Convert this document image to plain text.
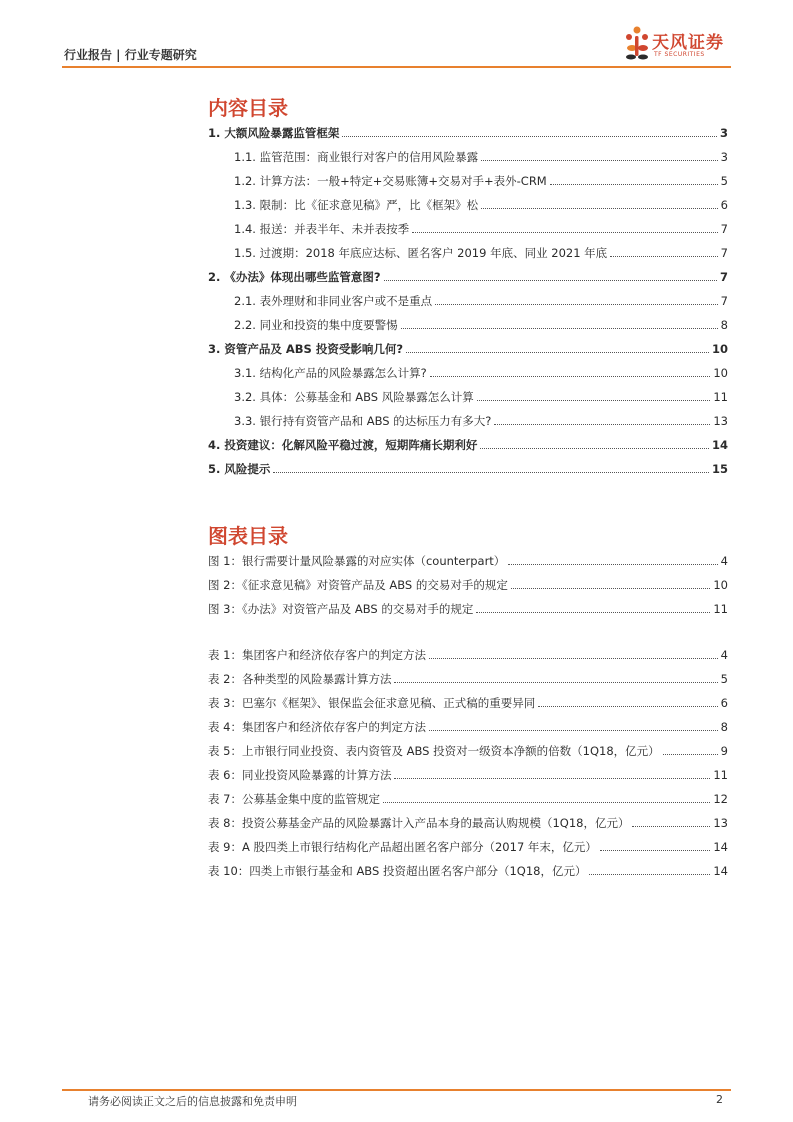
行业报告 | 行业专题研究
天风证券
TF SECURITIES
内容目录
1. 大额风险暴露监管框架	3
1.1. 监管范围：商业银行对客户的信用风险暴露	3
1.2. 计算方法：一般+特定+交易账簿+交易对手+表外-CRM	5
1.3. 限制：比《征求意见稿》严，比《框架》松	6
1.4. 报送：并表半年、未并表按季	7
1.5. 过渡期：2018 年底应达标、匿名客户 2019 年底、同业 2021 年底	7
2. 《办法》体现出哪些监管意图?	7
2.1. 表外理财和非同业客户或不是重点	7
2.2. 同业和投资的集中度要警惕	8
3. 资管产品及 ABS 投资受影响几何?	10
3.1. 结构化产品的风险暴露怎么计算?	10
3.2. 具体：公募基金和 ABS 风险暴露怎么计算	11
3.3. 银行持有资管产品和 ABS 的达标压力有多大?	13
4. 投资建议：化解风险平稳过渡，短期阵痛长期利好	14
5. 风险提示	15
图表目录
图 1：银行需要计量风险暴露的对应实体（counterpart）	4
图 2：《征求意见稿》对资管产品及 ABS 的交易对手的规定	10
图 3：《办法》对资管产品及 ABS 的交易对手的规定	11
表 1：集团客户和经济依存客户的判定方法	4
表 2：各种类型的风险暴露计算方法	5
表 3：巴塞尔《框架》、银保监会征求意见稿、正式稿的重要异同	6
表 4：集团客户和经济依存客户的判定方法	8
表 5：上市银行同业投资、表内资管及 ABS 投资对一级资本净额的倍数（1Q18，亿元）	9
表 6：同业投资风险暴露的计算方法	11
表 7：公募基金集中度的监管规定	12
表 8：投资公募基金产品的风险暴露计入产品本身的最高认购规模（1Q18，亿元）	13
表 9：A 股四类上市银行结构化产品超出匿名客户部分（2017 年末，亿元）	14
表 10：四类上市银行基金和 ABS 投资超出匿名客户部分（1Q18，亿元）	14
请务必阅读正文之后的信息披露和免责申明	2
